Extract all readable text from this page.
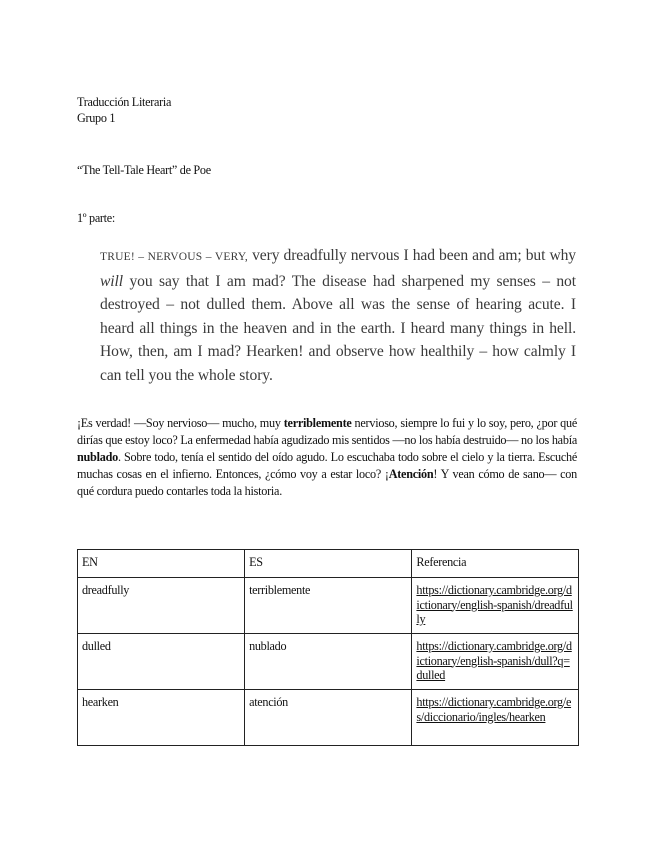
Traducción Literaria
Grupo 1
“The Tell-Tale Heart” de Poe
1º parte:

TRUE! – NERVOUS – VERY, very dreadfully nervous I had been and am; but why will you say that I am mad? The disease had sharpened my senses – not destroyed – not dulled them. Above all was the sense of hearing acute. I heard all things in the heaven and in the earth. I heard many things in hell. How, then, am I mad? Hearken! and observe how healthily – how calmly I can tell you the whole story.

¡Es verdad! —Soy nervioso— mucho, muy terriblemente nervioso, siempre lo fui y lo soy, pero, ¿por qué dirías que estoy loco? La enfermedad había agudizado mis sentidos —no los había destruido— no los había nublado. Sobre todo, tenía el sentido del oído agudo. Lo escuchaba todo sobre el cielo y la tierra. Escuché muchas cosas en el infierno. Entonces, ¿cómo voy a estar loco? ¡Atención! Y vean cómo de sano— con qué cordura puedo contarles toda la historia.

EN	ES	Referencia
dreadfully	terriblemente	https://dictionary.cambridge.org/dictionary/english-spanish/dreadfully
dulled	nublado	https://dictionary.cambridge.org/dictionary/english-spanish/dull?q=dulled
hearken	atención	https://dictionary.cambridge.org/es/diccionario/ingles/hearken
